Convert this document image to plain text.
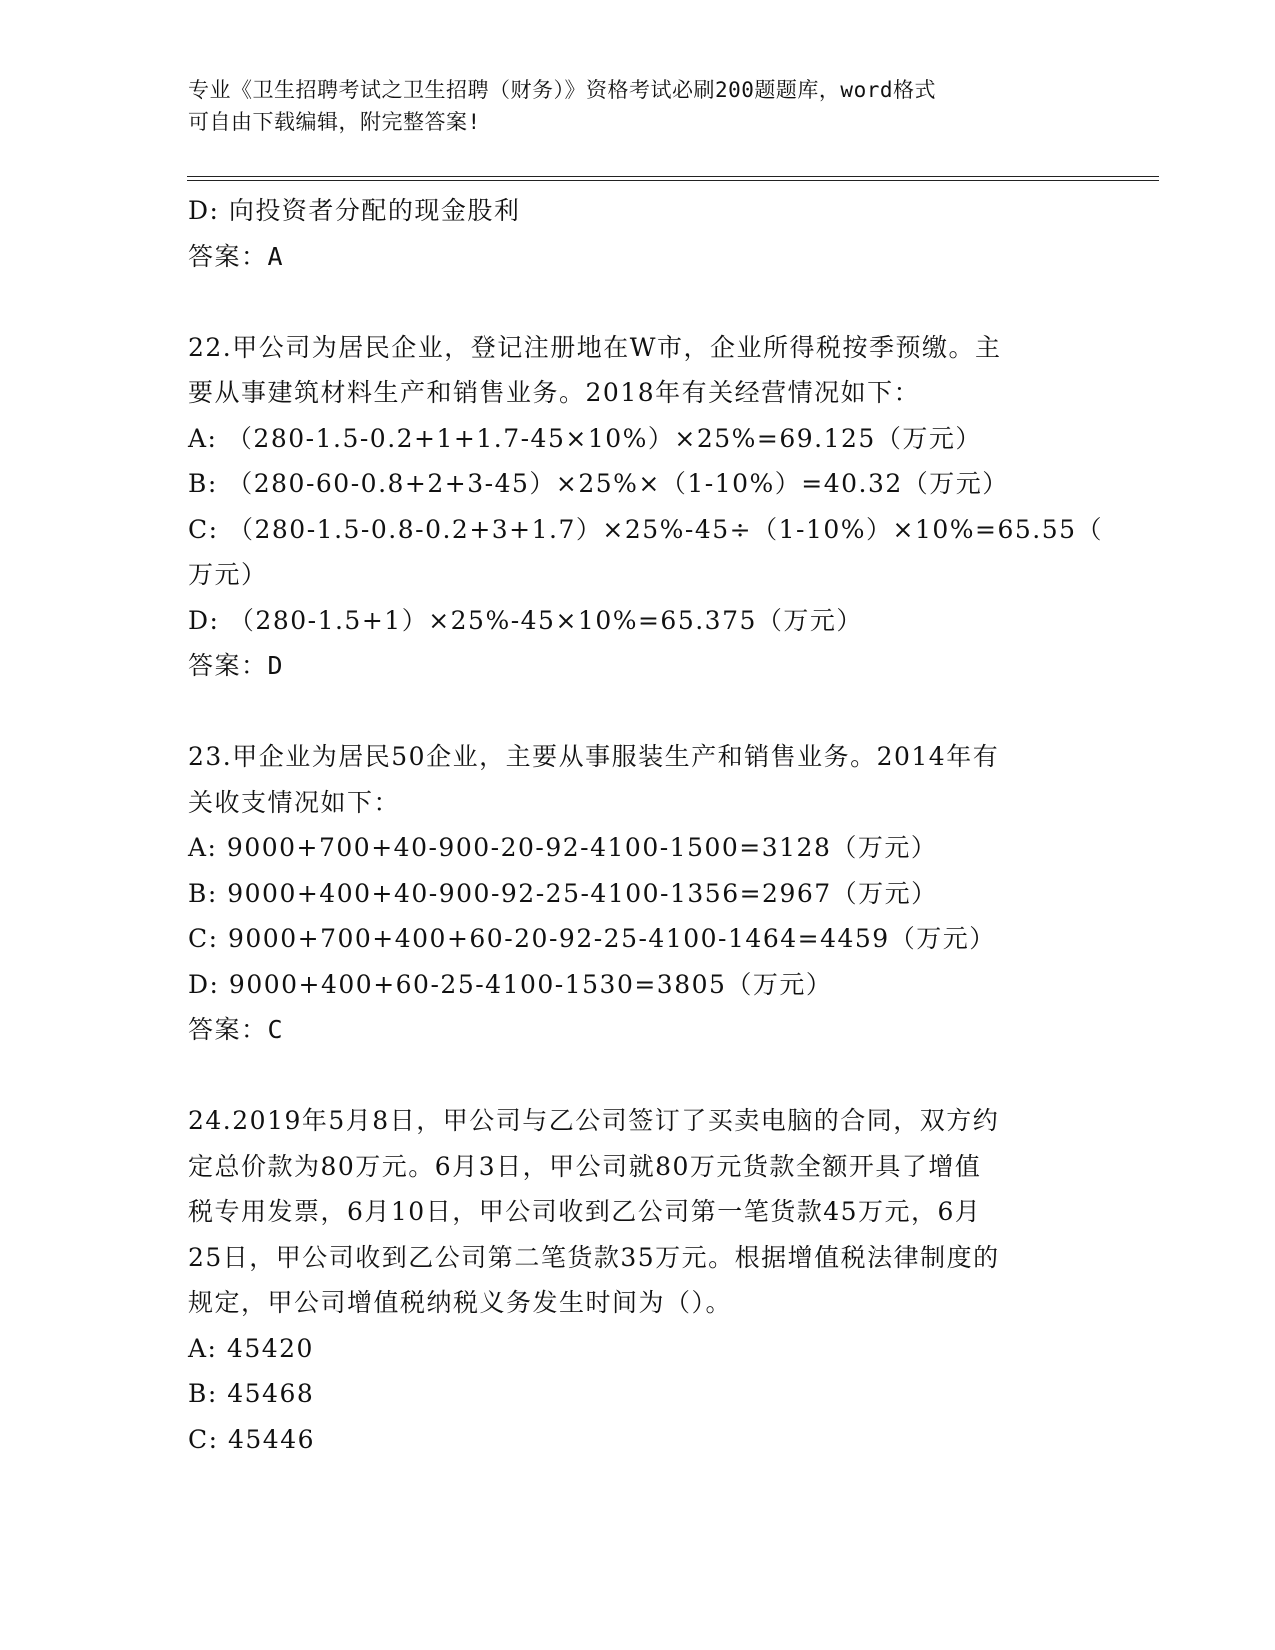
专业《卫生招聘考试之卫生招聘（财务）》资格考试必刷200题题库，word格式
可自由下载编辑，附完整答案!
D: 向投资者分配的现金股利
答案：A
22.甲公司为居民企业，登记注册地在W市，企业所得税按季预缴。主
要从事建筑材料生产和销售业务。2018年有关经营情况如下：
A: （280-1.5-0.2+1+1.7-45×10%）×25%=69.125（万元）
B: （280-60-0.8+2+3-45）×25%×（1-10%）=40.32（万元）
C: （280-1.5-0.8-0.2+3+1.7）×25%-45÷（1-10%）×10%=65.55（
万元）
D: （280-1.5+1）×25%-45×10%=65.375（万元）
答案：D
23.甲企业为居民50企业，主要从事服装生产和销售业务。2014年有
关收支情况如下：
A: 9000+700+40-900-20-92-4100-1500=3128（万元）
B: 9000+400+40-900-92-25-4100-1356=2967（万元）
C: 9000+700+400+60-20-92-25-4100-1464=4459（万元）
D: 9000+400+60-25-4100-1530=3805（万元）
答案：C
24.2019年5月8日，甲公司与乙公司签订了买卖电脑的合同，双方约
定总价款为80万元。6月3日，甲公司就80万元货款全额开具了增值
税专用发票，6月10日，甲公司收到乙公司第一笔货款45万元，6月
25日，甲公司收到乙公司第二笔货款35万元。根据增值税法律制度的
规定，甲公司增值税纳税义务发生时间为（）。
A: 45420
B: 45468
C: 45446
